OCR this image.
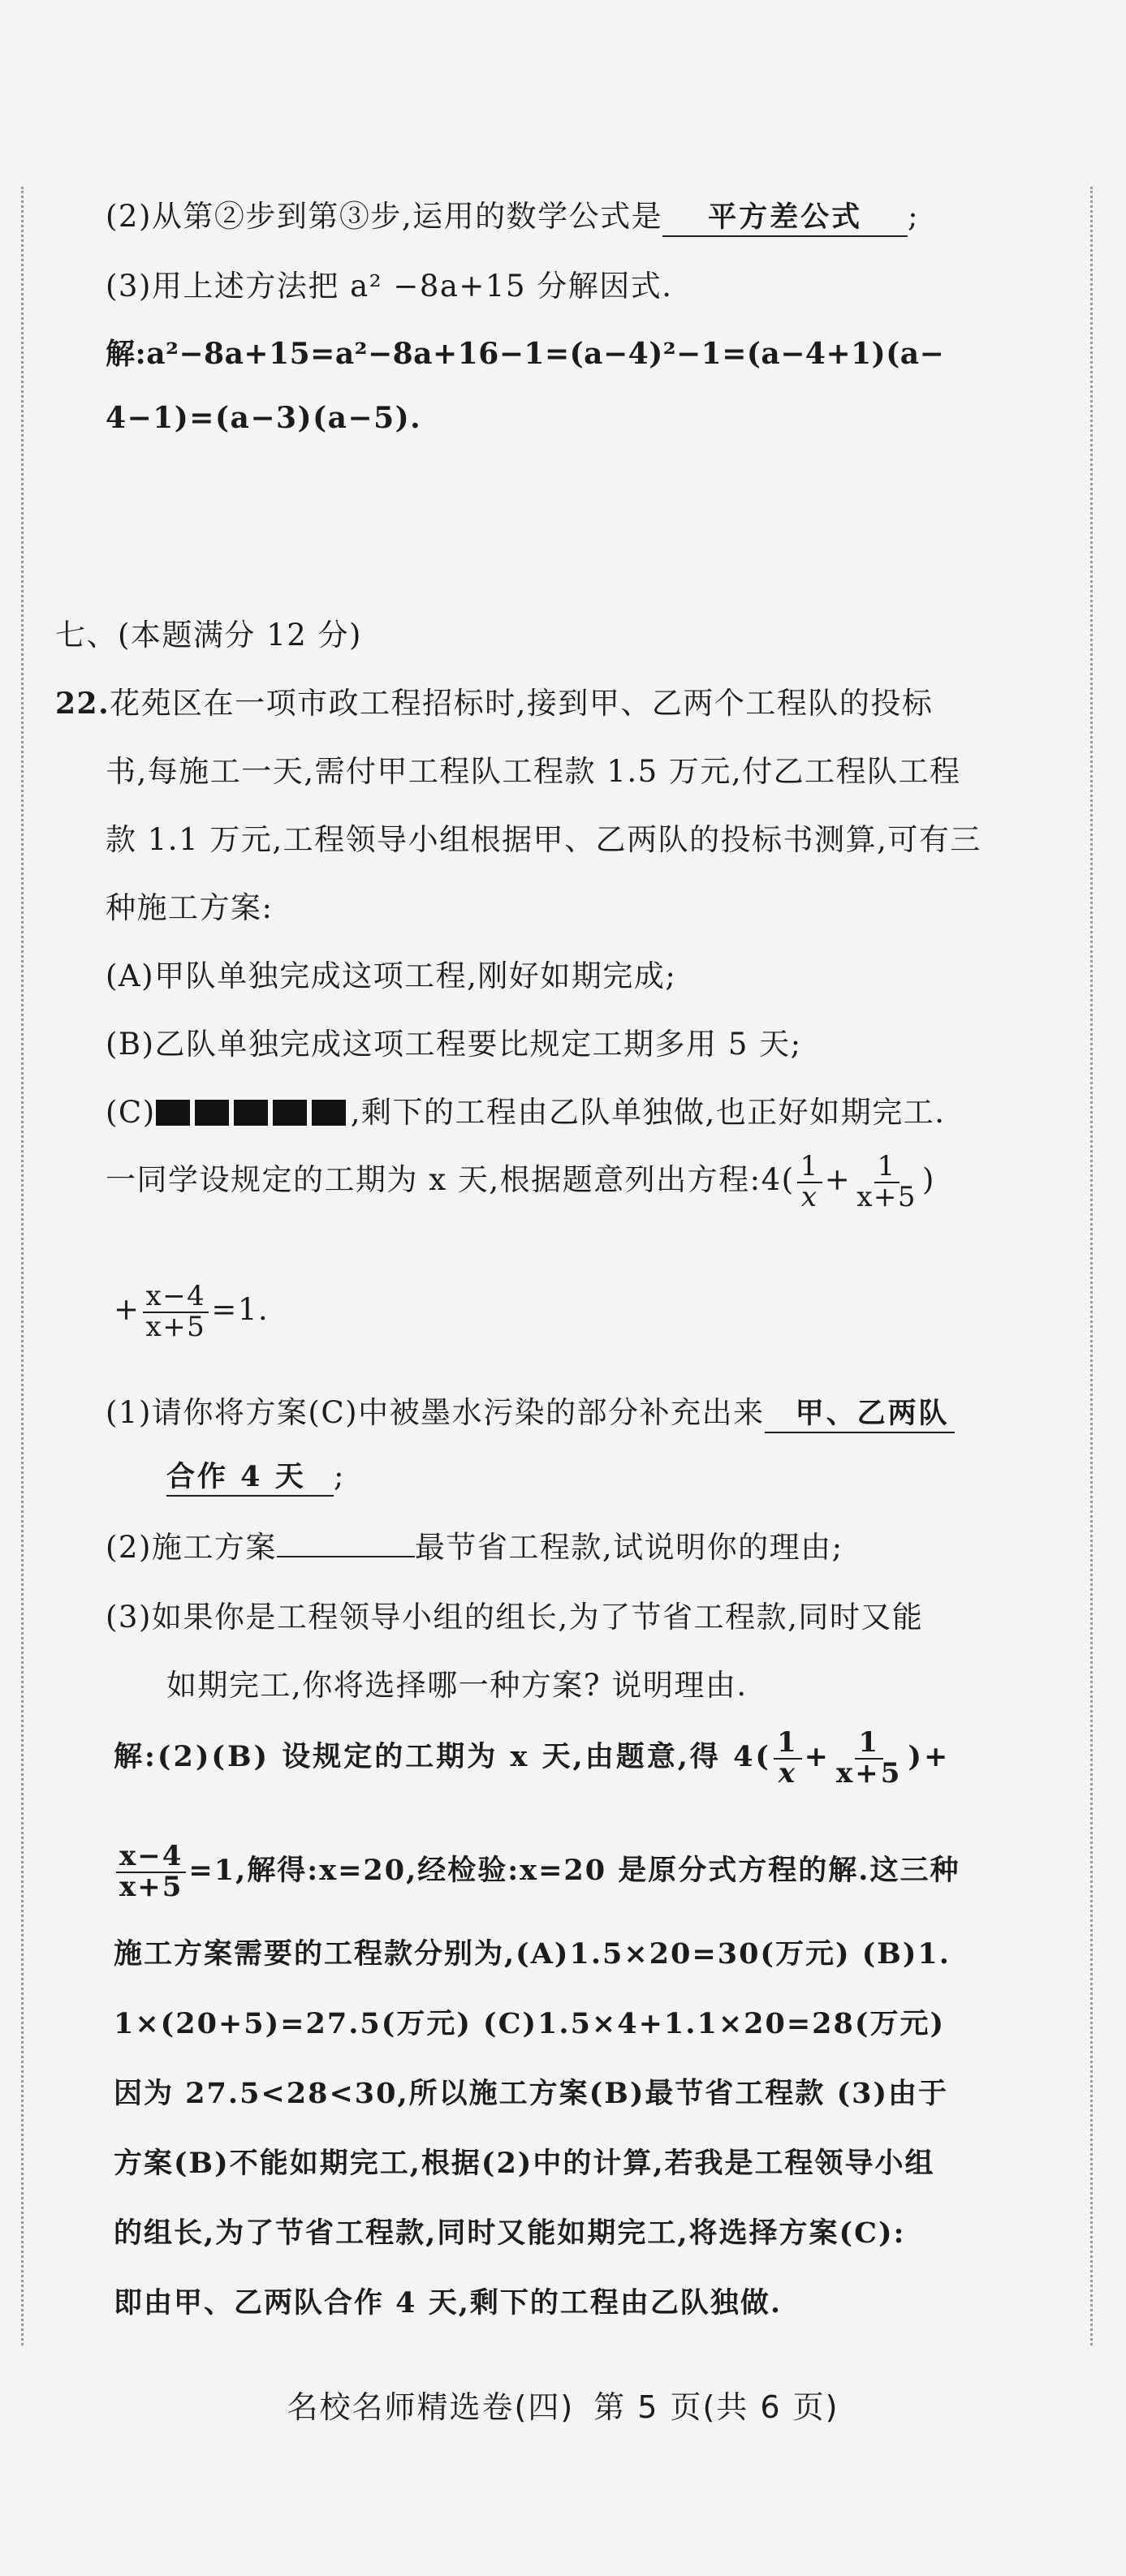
(2)从第②步到第③步,运用的数学公式是 平方差公式 ;
(3)用上述方法把 a² −8a+15 分解因式.
解:a²−8a+15=a²−8a+16−1=(a−4)²−1=(a−4+1)(a−
4−1)=(a−3)(a−5).
七、(本题满分 12 分)
22.花苑区在一项市政工程招标时,接到甲、乙两个工程队的投标
书,每施工一天,需付甲工程队工程款 1.5 万元,付乙工程队工程
款 1.1 万元,工程领导小组根据甲、乙两队的投标书测算,可有三
种施工方案:
(A)甲队单独完成这项工程,刚好如期完成;
(B)乙队单独完成这项工程要比规定工期多用 5 天;
(C)	,剩下的工程由乙队单独做,也正好如期完工.
一同学设规定的工期为 x 天,根据题意列出方程:4( $\frac{1}{x} + \frac{1}{x+5}$ )
+ $\frac{x-4}{x+5} =1$.
(1)请你将方案(C)中被墨水污染的部分补充出来 甲、乙两队
合作 4 天 ;
(2)施工方案	最节省工程款,试说明你的理由;
(3)如果你是工程领导小组的组长,为了节省工程款,同时又能
如期完工,你将选择哪一种方案? 说明理由.
解:(2)(B) 设规定的工期为 x 天,由题意,得 $4( \frac{1}{x} + \frac{1}{x+5}$ )+
$\frac{x-4}{x+5} =1$,解得:x=20,经检验:x=20 是原分式方程的解.这三种
施工方案需要的工程款分别为,(A)1.5×20=30(万元) (B)1.
1×(20+5)=27.5(万元) (C)1.5×4+1.1×20=28(万元)
因为 27.5<28<30,所以施工方案(B)最节省工程款 (3)由于
方案(B)不能如期完工,根据(2)中的计算,若我是工程领导小组
的组长,为了节省工程款,同时又能如期完工,将选择方案(C):
即由甲、乙两队合作 4 天,剩下的工程由乙队独做.
名校名师精选卷(四) 第 5 页(共 6 页)
